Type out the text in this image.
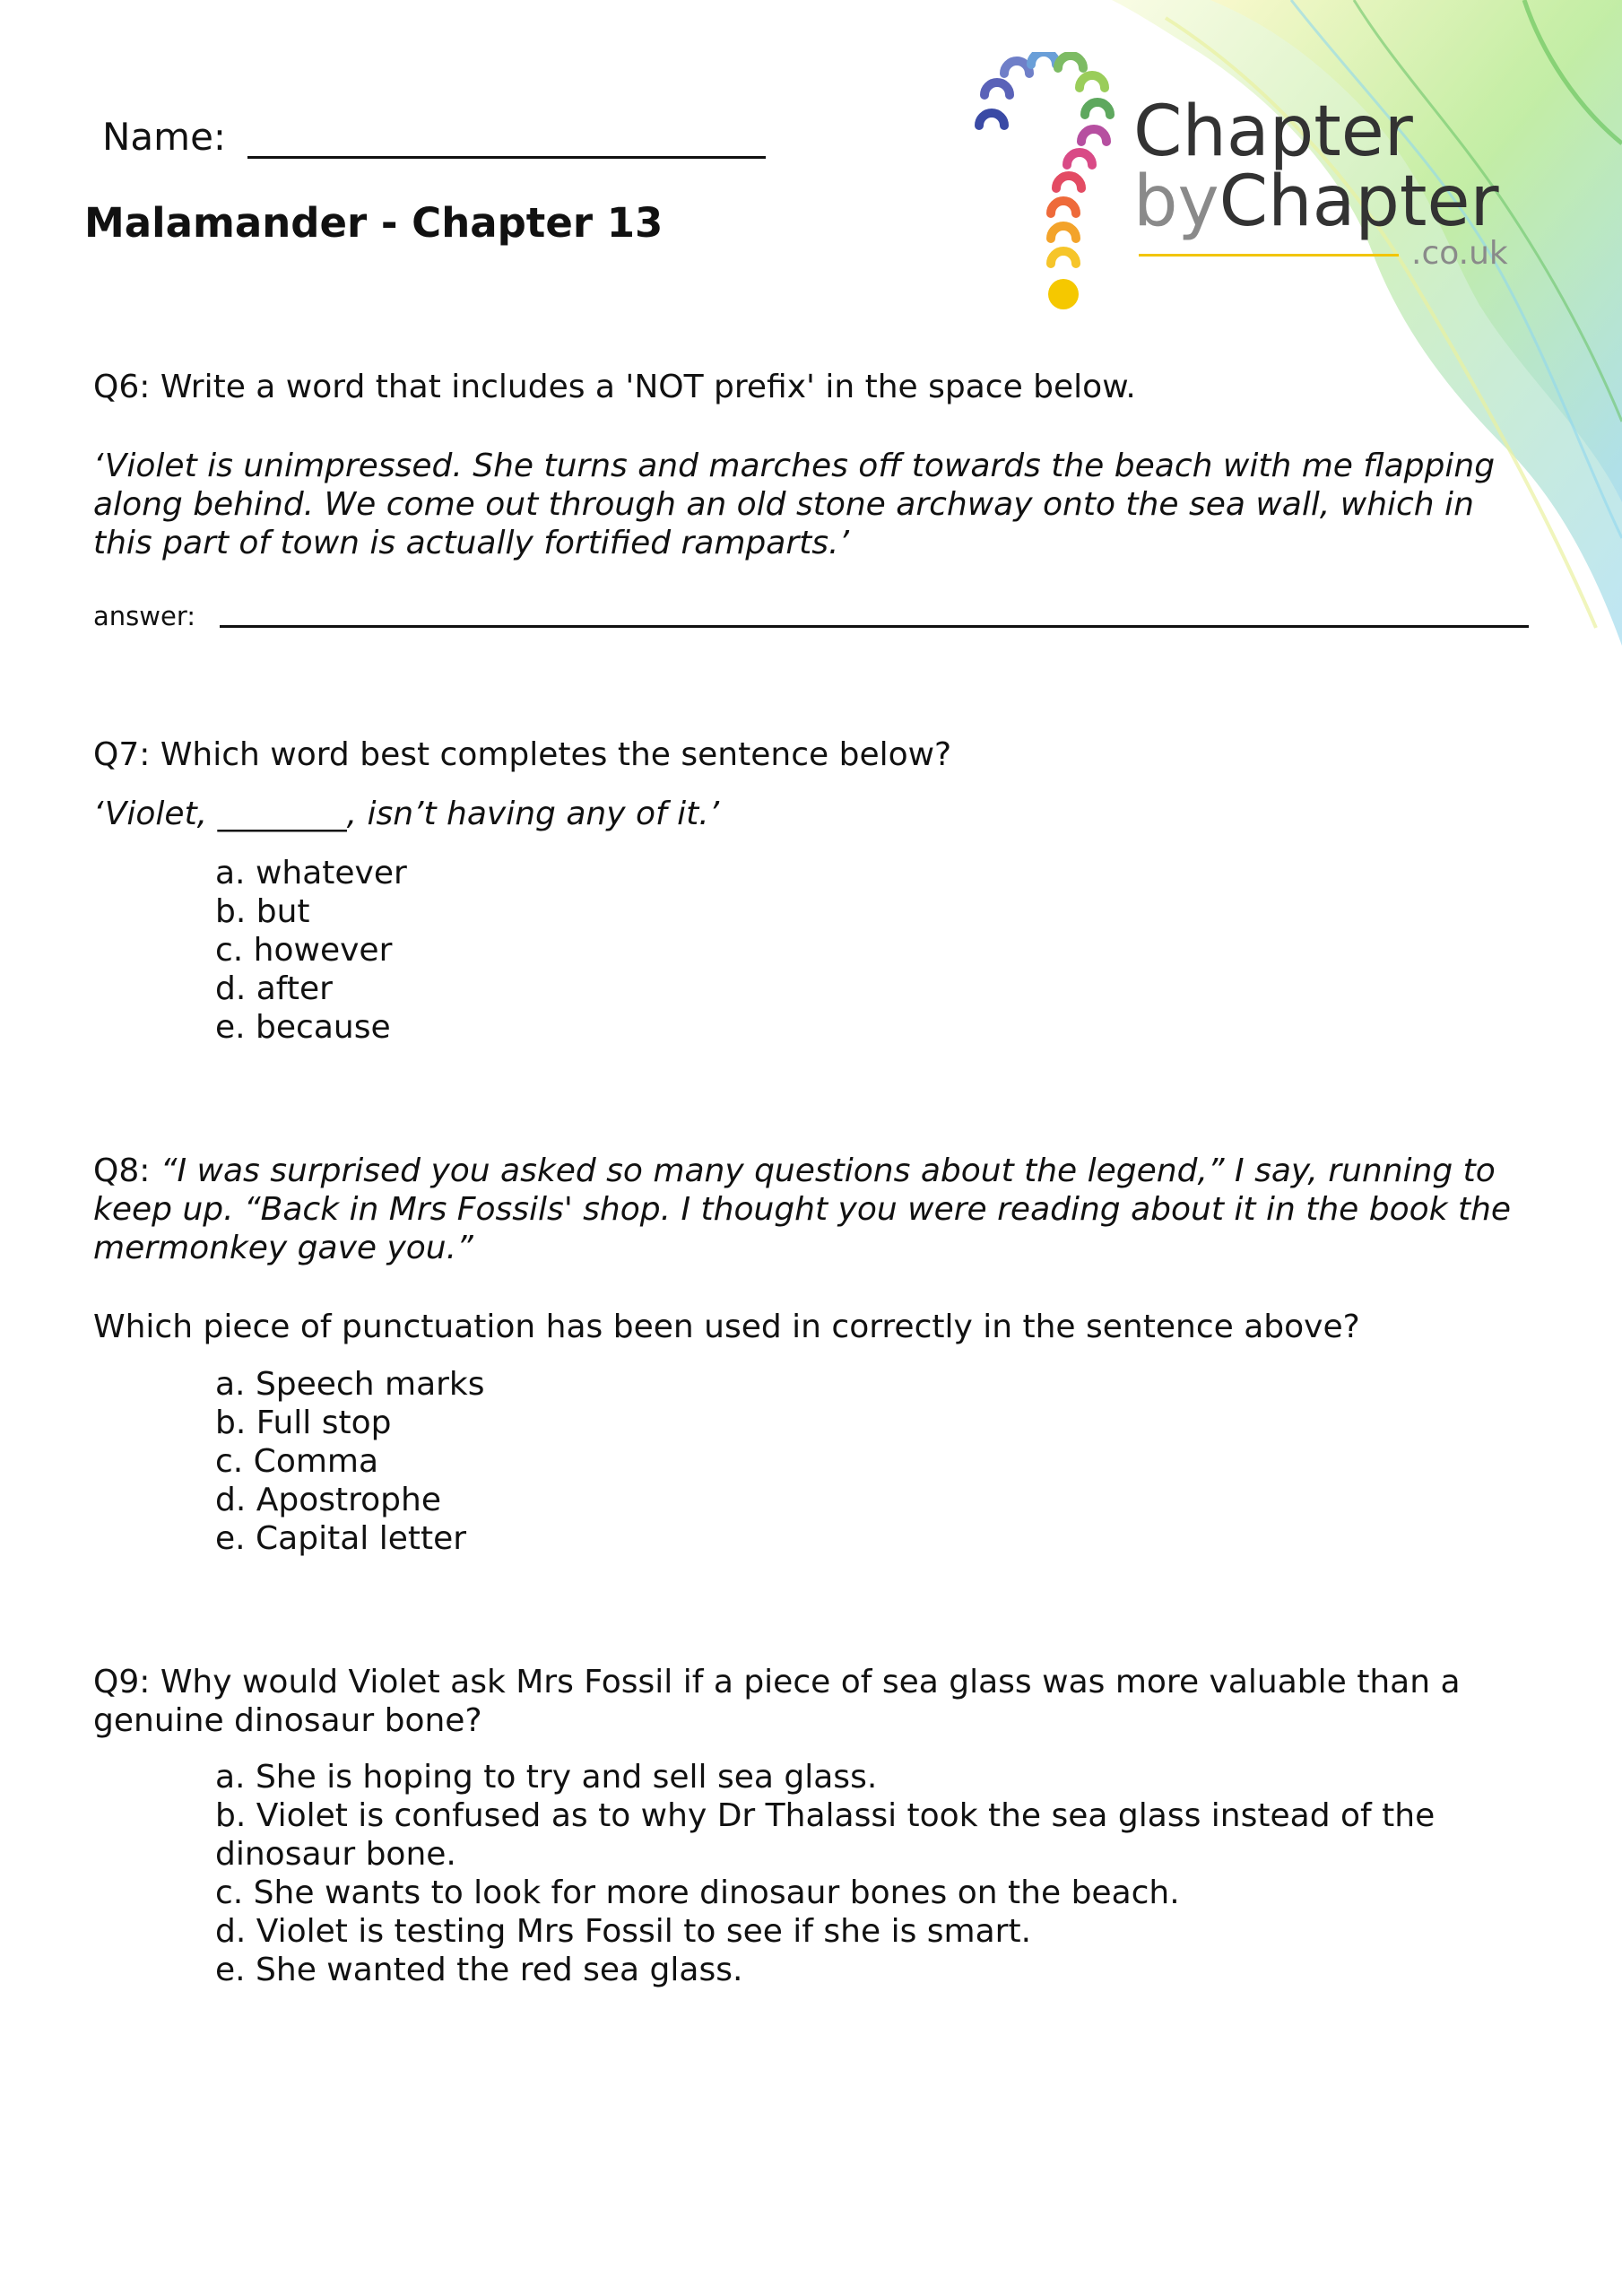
Name:
Malamander - Chapter 13
Chapter
byChapter
.co.uk
Q6: Write a word that includes a 'NOT prefix' in the space below.
‘Violet is unimpressed. She turns and marches off towards the beach with me flapping
along behind. We come out through an old stone archway onto the sea wall, which in
this part of town is actually fortified ramparts.’
answer:
Q7: Which word best completes the sentence below?
‘Violet, ________, isn’t having any of it.’
a. whatever
b. but
c. however
d. after
e. because
Q8: “I was surprised you asked so many questions about the legend,” I say, running to
keep up. “Back in Mrs Fossils' shop. I thought you were reading about it in the book the
mermonkey gave you.”
Which piece of punctuation has been used in correctly in the sentence above?
a. Speech marks
b. Full stop
c. Comma
d. Apostrophe
e. Capital letter
Q9: Why would Violet ask Mrs Fossil if a piece of sea glass was more valuable than a
genuine dinosaur bone?
a. She is hoping to try and sell sea glass.
b. Violet is confused as to why Dr Thalassi took the sea glass instead of the
dinosaur bone.
c. She wants to look for more dinosaur bones on the beach.
d. Violet is testing Mrs Fossil to see if she is smart.
e. She wanted the red sea glass.
